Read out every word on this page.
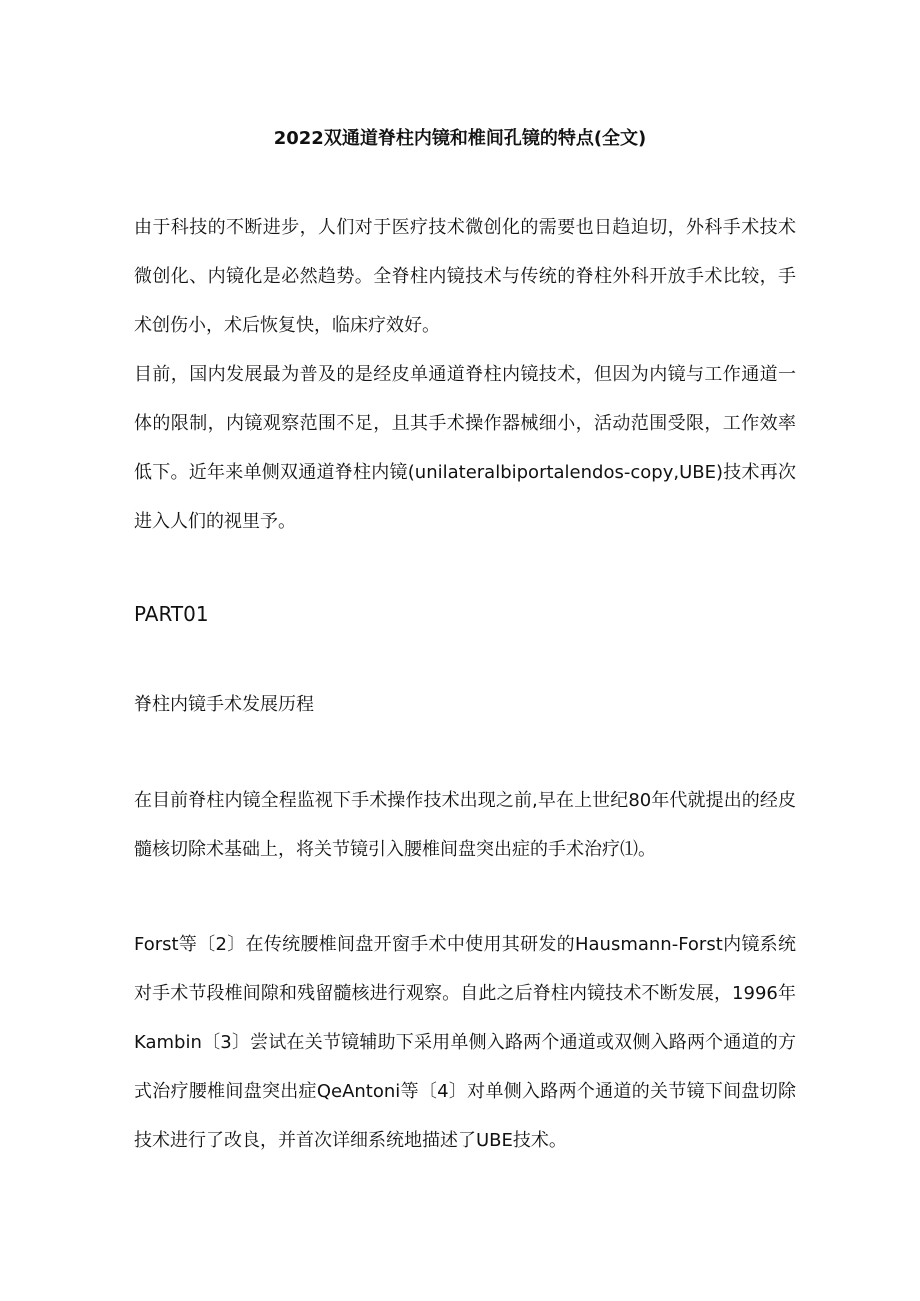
2022双通道脊柱内镜和椎间孔镜的特点(全文)

由于科技的不断进步，人们对于医疗技术微创化的需要也日趋迫切，外科手术技术微创化、内镜化是必然趋势。全脊柱内镜技术与传统的脊柱外科开放手术比较，手术创伤小，术后恢复快，临床疗效好。

目前，国内发展最为普及的是经皮单通道脊柱内镜技术，但因为内镜与工作通道一体的限制，内镜观察范围不足，且其手术操作器械细小，活动范围受限，工作效率低下。近年来单侧双通道脊柱内镜(unilateralbiportalendos-copy,UBE)技术再次进入人们的视里予。

PART01
脊柱内镜手术发展历程

在目前脊柱内镜全程监视下手术操作技术出现之前,早在上世纪80年代就提出的经皮髓核切除术基础上，将关节镜引入腰椎间盘突出症的手术治疗⑴。

Forst等〔2〕在传统腰椎间盘开窗手术中使用其研发的Hausmann-Forst内镜系统对手术节段椎间隙和残留髓核进行观察。自此之后脊柱内镜技术不断发展，1996年Kambin〔3〕尝试在关节镜辅助下采用单侧入路两个通道或双侧入路两个通道的方式治疗腰椎间盘突出症QeAntoni等〔4〕对单侧入路两个通道的关节镜下间盘切除技术进行了改良，并首次详细系统地描述了UBE技术。
